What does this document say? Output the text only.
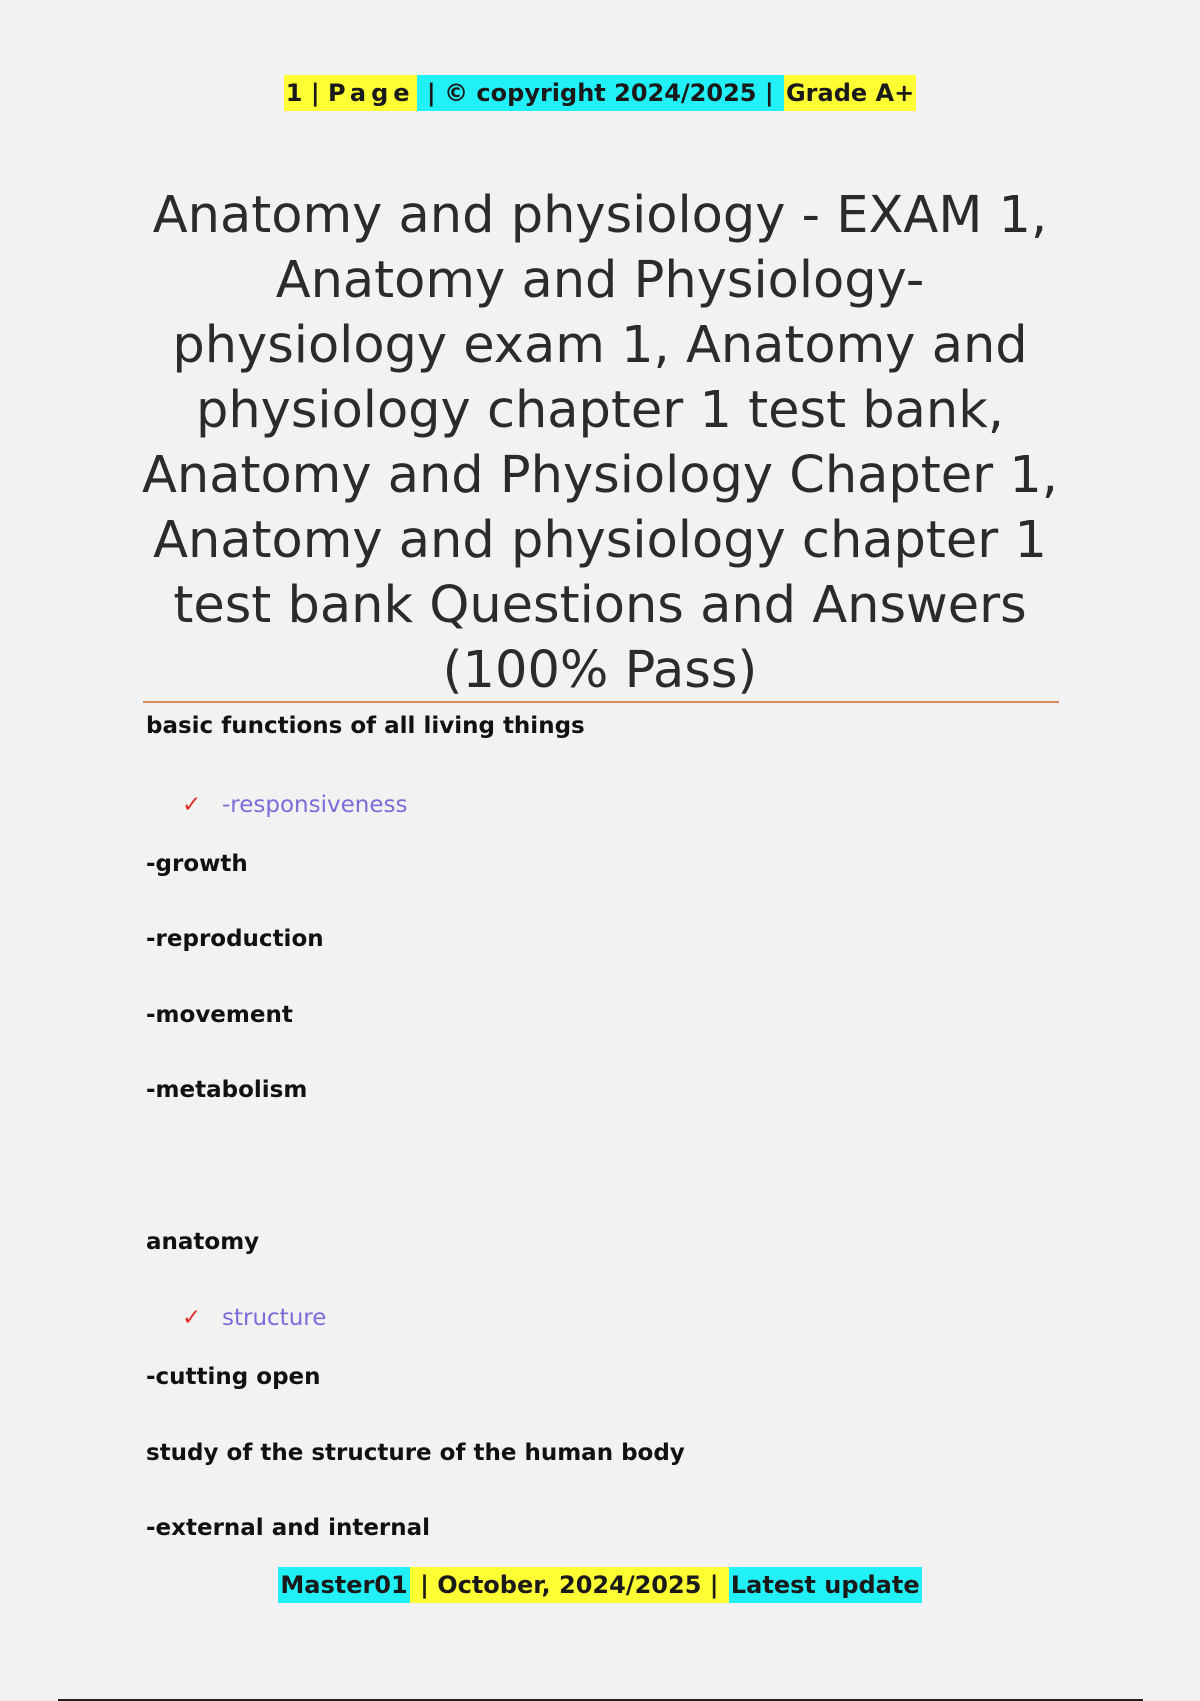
1 | Page | © copyright 2024/2025 | Grade A+
Anatomy and physiology - EXAM 1, Anatomy and Physiology-physiology exam 1, Anatomy and physiology chapter 1 test bank, Anatomy and Physiology Chapter 1, Anatomy and physiology chapter 1 test bank Questions and Answers (100% Pass)
basic functions of all living things
✓ -responsiveness
-growth
-reproduction
-movement
-metabolism
anatomy
✓ structure
-cutting open
study of the structure of the human body
-external and internal
Master01 | October, 2024/2025 | Latest update
